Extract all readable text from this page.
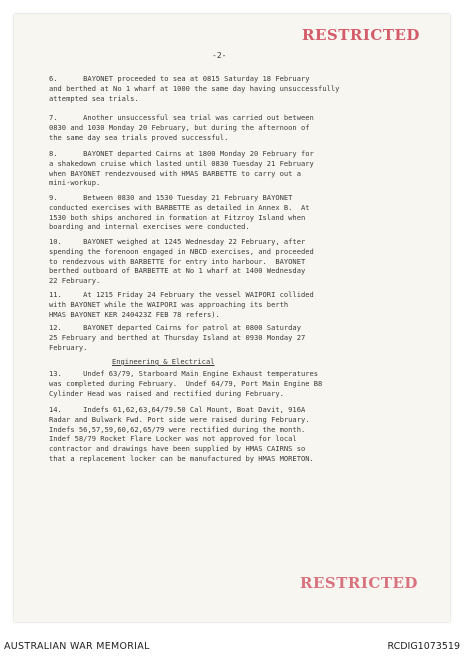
RESTRICTED
-2-

6.      BAYONET proceeded to sea at 0815 Saturday 18 February
and berthed at No 1 wharf at 1000 the same day having unsuccessfully
attempted sea trials.

7.      Another unsuccessful sea trial was carried out between
0830 and 1030 Monday 20 February, but during the afternoon of
the same day sea trials proved successful.

8.      BAYONET departed Cairns at 1800 Monday 20 February for
a shakedown cruise which lasted until 0830 Tuesday 21 February
when BAYONET rendezvoused with HMAS BARBETTE to carry out a
mini-workup.

9.      Between 0830 and 1530 Tuesday 21 February BAYONET
conducted exercises with BARBETTE as detailed in Annex B.  At
1530 both ships anchored in formation at Fitzroy Island when
boarding and internal exercises were conducted.

10.     BAYONET weighed at 1245 Wednesday 22 February, after
spending the forenoon engaged in NBCD exercises, and proceeded
to rendezvous with BARBETTE for entry into harbour.  BAYONET
berthed outboard of BARBETTE at No 1 wharf at 1400 Wednesday
22 February.

11.     At 1215 Friday 24 February the vessel WAIPORI collided
with BAYONET while the WAIPORI was approaching its berth
HMAS BAYONET KER 240423Z FEB 78 refers).

12.     BAYONET departed Cairns for patrol at 0800 Saturday
25 February and berthed at Thursday Island at 0930 Monday 27
February.

Engineering & Electrical

13.     Undef 63/79, Starboard Main Engine Exhaust temperatures
was completed during February.  Undef 64/79, Port Main Engine B8
Cylinder Head was raised and rectified during February.

14.     Indefs 61,62,63,64/79.50 Cal Mount, Boat Davit, 916A
Radar and Bulwark Fwd. Port side were raised during February.
Indefs 56,57,59,60,62,65/79 were rectified during the month.
Indef 58/79 Rocket Flare Locker was not approved for local
contractor and drawings have been supplied by HMAS CAIRNS so
that a replacement locker can be manufactured by HMAS MORETON.

RESTRICTED
AUSTRALIAN WAR MEMORIAL	RCDIG1073519
